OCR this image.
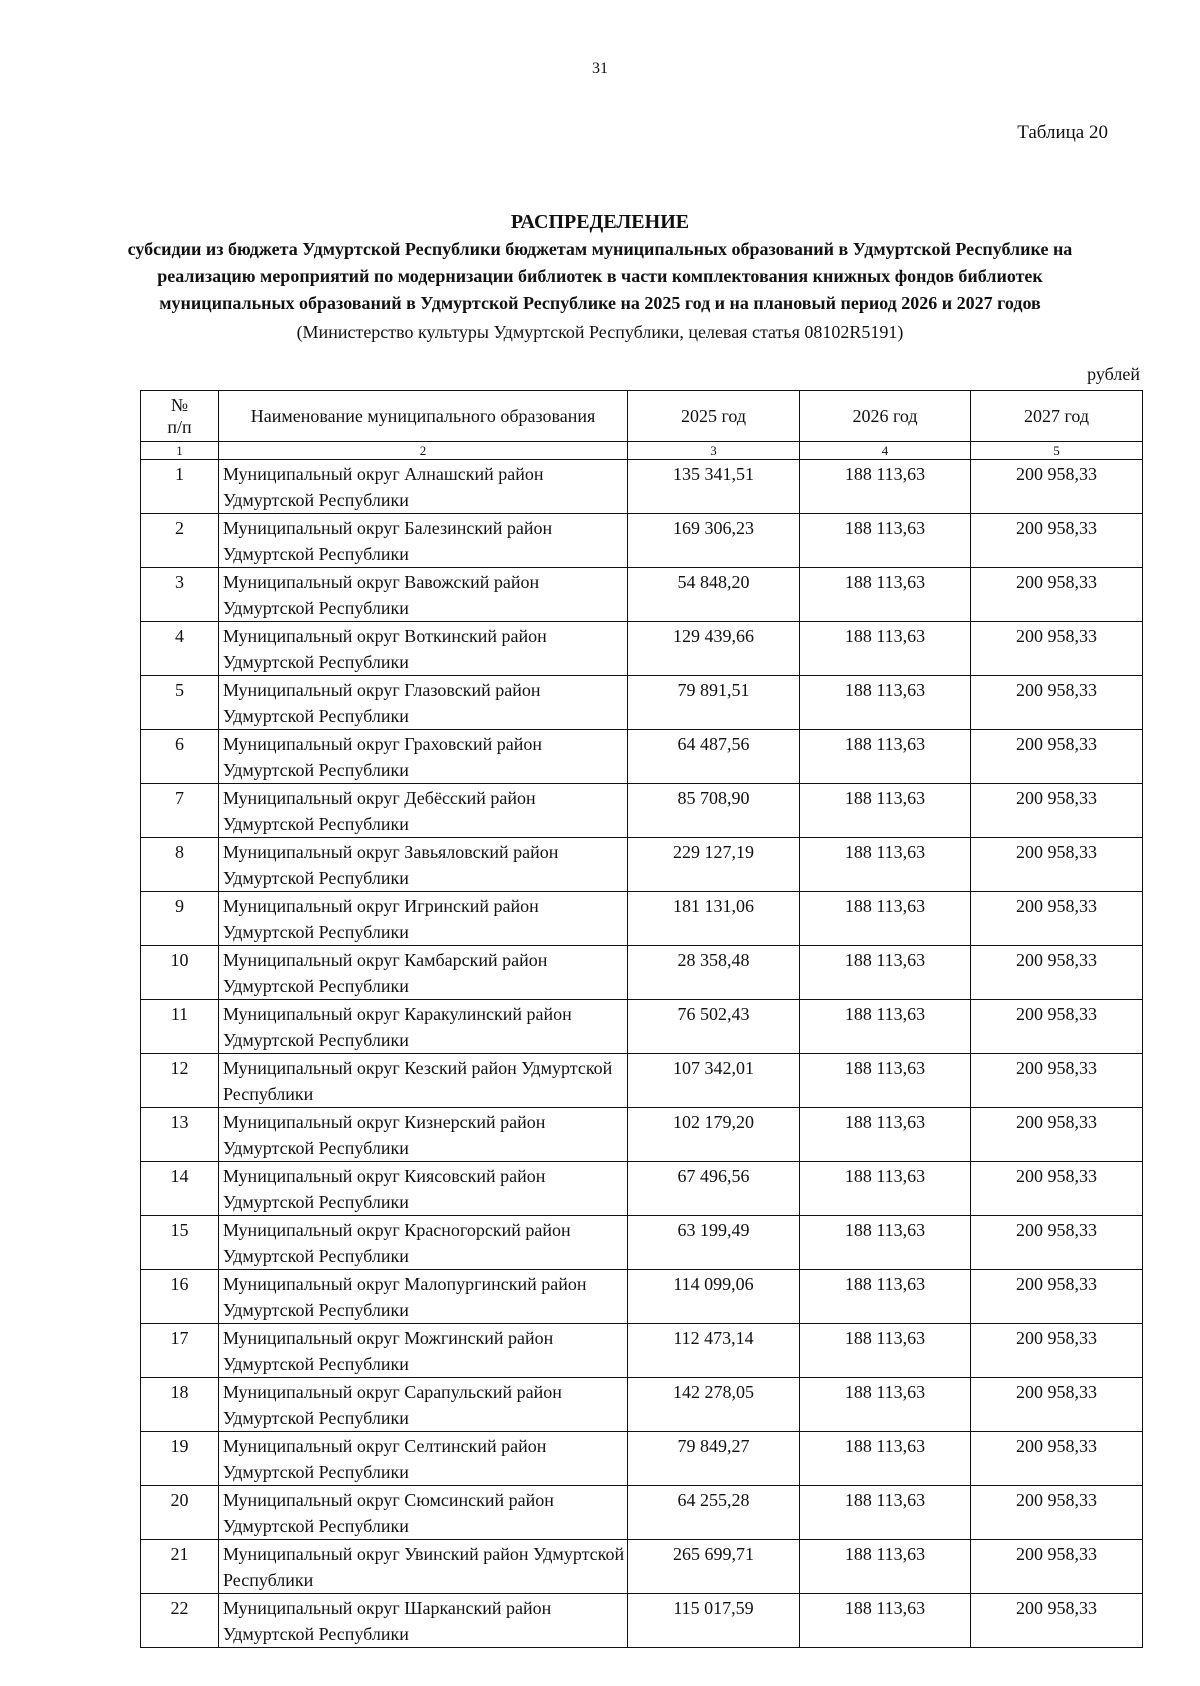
31
Таблица 20
РАСПРЕДЕЛЕНИЕ
субсидии из бюджета Удмуртской Республики бюджетам муниципальных образований в Удмуртской Республике на реализацию мероприятий по модернизации библиотек в части комплектования книжных фондов библиотек муниципальных образований в Удмуртской Республике на 2025 год и на плановый период 2026 и 2027 годов
(Министерство культуры Удмуртской Республики, целевая статья 08102R5191)
рублей
№
п/п	Наименование муниципального образования	2025 год	2026 год	2027 год
1	2	3	4	5
1	Муниципальный округ Алнашский район Удмуртской Республики	135 341,51	188 113,63	200 958,33
2	Муниципальный округ Балезинский район Удмуртской Республики	169 306,23	188 113,63	200 958,33
3	Муниципальный округ Вавожский район Удмуртской Республики	54 848,20	188 113,63	200 958,33
4	Муниципальный округ Воткинский район Удмуртской Республики	129 439,66	188 113,63	200 958,33
5	Муниципальный округ Глазовский район Удмуртской Республики	79 891,51	188 113,63	200 958,33
6	Муниципальный округ Граховский район Удмуртской Республики	64 487,56	188 113,63	200 958,33
7	Муниципальный округ Дебёсский район Удмуртской Республики	85 708,90	188 113,63	200 958,33
8	Муниципальный округ Завьяловский район Удмуртской Республики	229 127,19	188 113,63	200 958,33
9	Муниципальный округ Игринский район Удмуртской Республики	181 131,06	188 113,63	200 958,33
10	Муниципальный округ Камбарский район Удмуртской Республики	28 358,48	188 113,63	200 958,33
11	Муниципальный округ Каракулинский район Удмуртской Республики	76 502,43	188 113,63	200 958,33
12	Муниципальный округ Кезский район Удмуртской Республики	107 342,01	188 113,63	200 958,33
13	Муниципальный округ Кизнерский район Удмуртской Республики	102 179,20	188 113,63	200 958,33
14	Муниципальный округ Киясовский район Удмуртской Республики	67 496,56	188 113,63	200 958,33
15	Муниципальный округ Красногорский район Удмуртской Республики	63 199,49	188 113,63	200 958,33
16	Муниципальный округ Малопургинский район Удмуртской Республики	114 099,06	188 113,63	200 958,33
17	Муниципальный округ Можгинский район Удмуртской Республики	112 473,14	188 113,63	200 958,33
18	Муниципальный округ Сарапульский район Удмуртской Республики	142 278,05	188 113,63	200 958,33
19	Муниципальный округ Селтинский район Удмуртской Республики	79 849,27	188 113,63	200 958,33
20	Муниципальный округ Сюмсинский район Удмуртской Республики	64 255,28	188 113,63	200 958,33
21	Муниципальный округ Увинский район Удмуртской Республики	265 699,71	188 113,63	200 958,33
22	Муниципальный округ Шарканский район Удмуртской Республики	115 017,59	188 113,63	200 958,33
